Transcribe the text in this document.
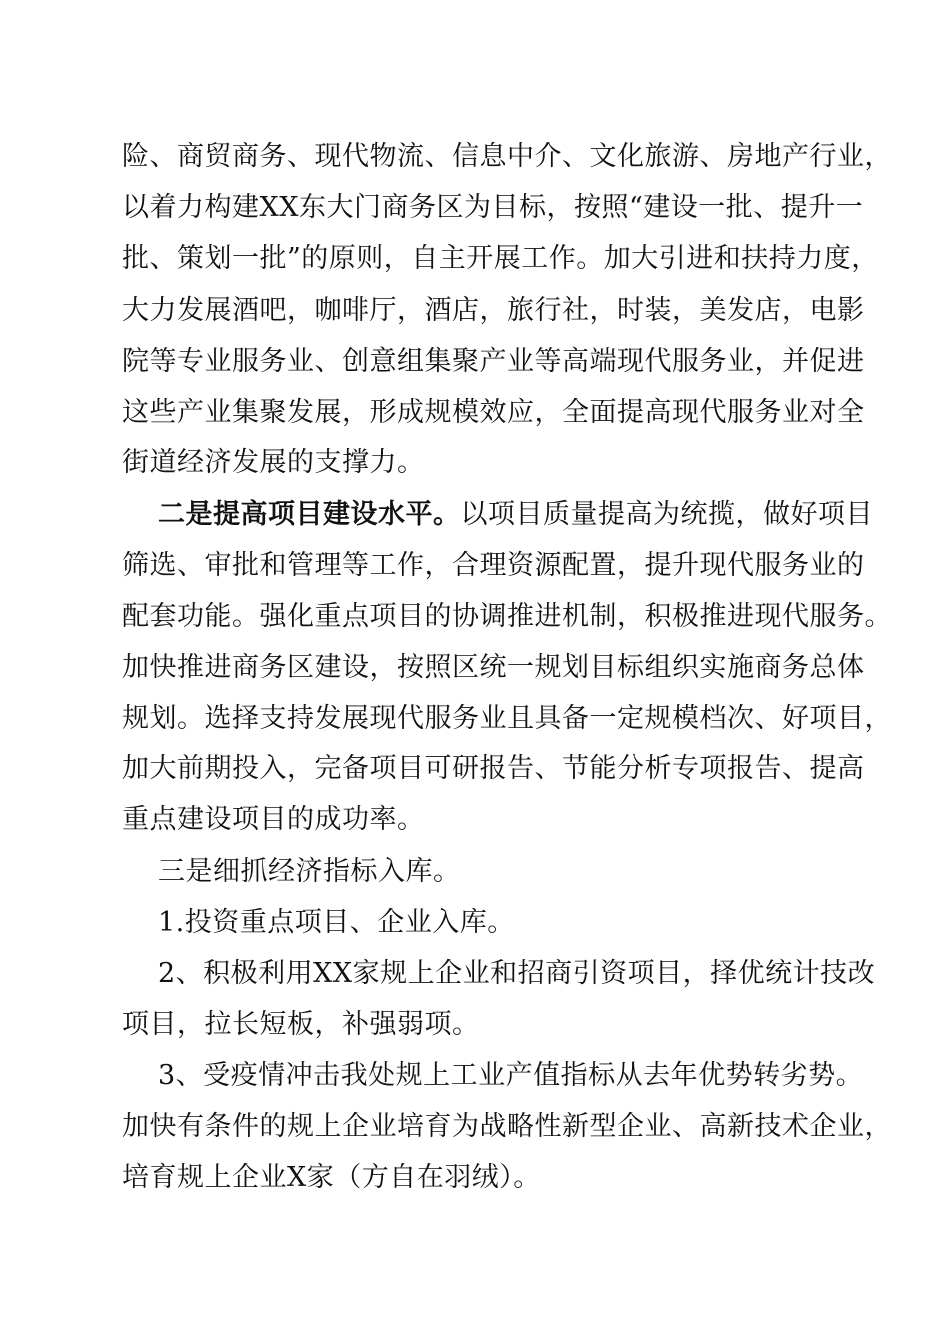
险、商贸商务、现代物流、信息中介、文化旅游、房地产行业，
以着力构建XX东大门商务区为目标，按照“建设一批、提升一
批、策划一批”的原则，自主开展工作。加大引进和扶持力度，
大力发展酒吧，咖啡厅，酒店，旅行社，时装，美发店，电影
院等专业服务业、创意组集聚产业等高端现代服务业，并促进
这些产业集聚发展，形成规模效应，全面提高现代服务业对全
街道经济发展的支撑力。
二是提高项目建设水平。以项目质量提高为统揽，做好项目
筛选、审批和管理等工作，合理资源配置，提升现代服务业的
配套功能。强化重点项目的协调推进机制，积极推进现代服务。
加快推进商务区建设，按照区统一规划目标组织实施商务总体
规划。选择支持发展现代服务业且具备一定规模档次、好项目，
加大前期投入，完备项目可研报告、节能分析专项报告、提高
重点建设项目的成功率。
三是细抓经济指标入库。
1.投资重点项目、企业入库。
2、积极利用XX家规上企业和招商引资项目，择优统计技改
项目，拉长短板，补强弱项。
3、受疫情冲击我处规上工业产值指标从去年优势转劣势。
加快有条件的规上企业培育为战略性新型企业、高新技术企业，
培育规上企业X家（方自在羽绒）。
